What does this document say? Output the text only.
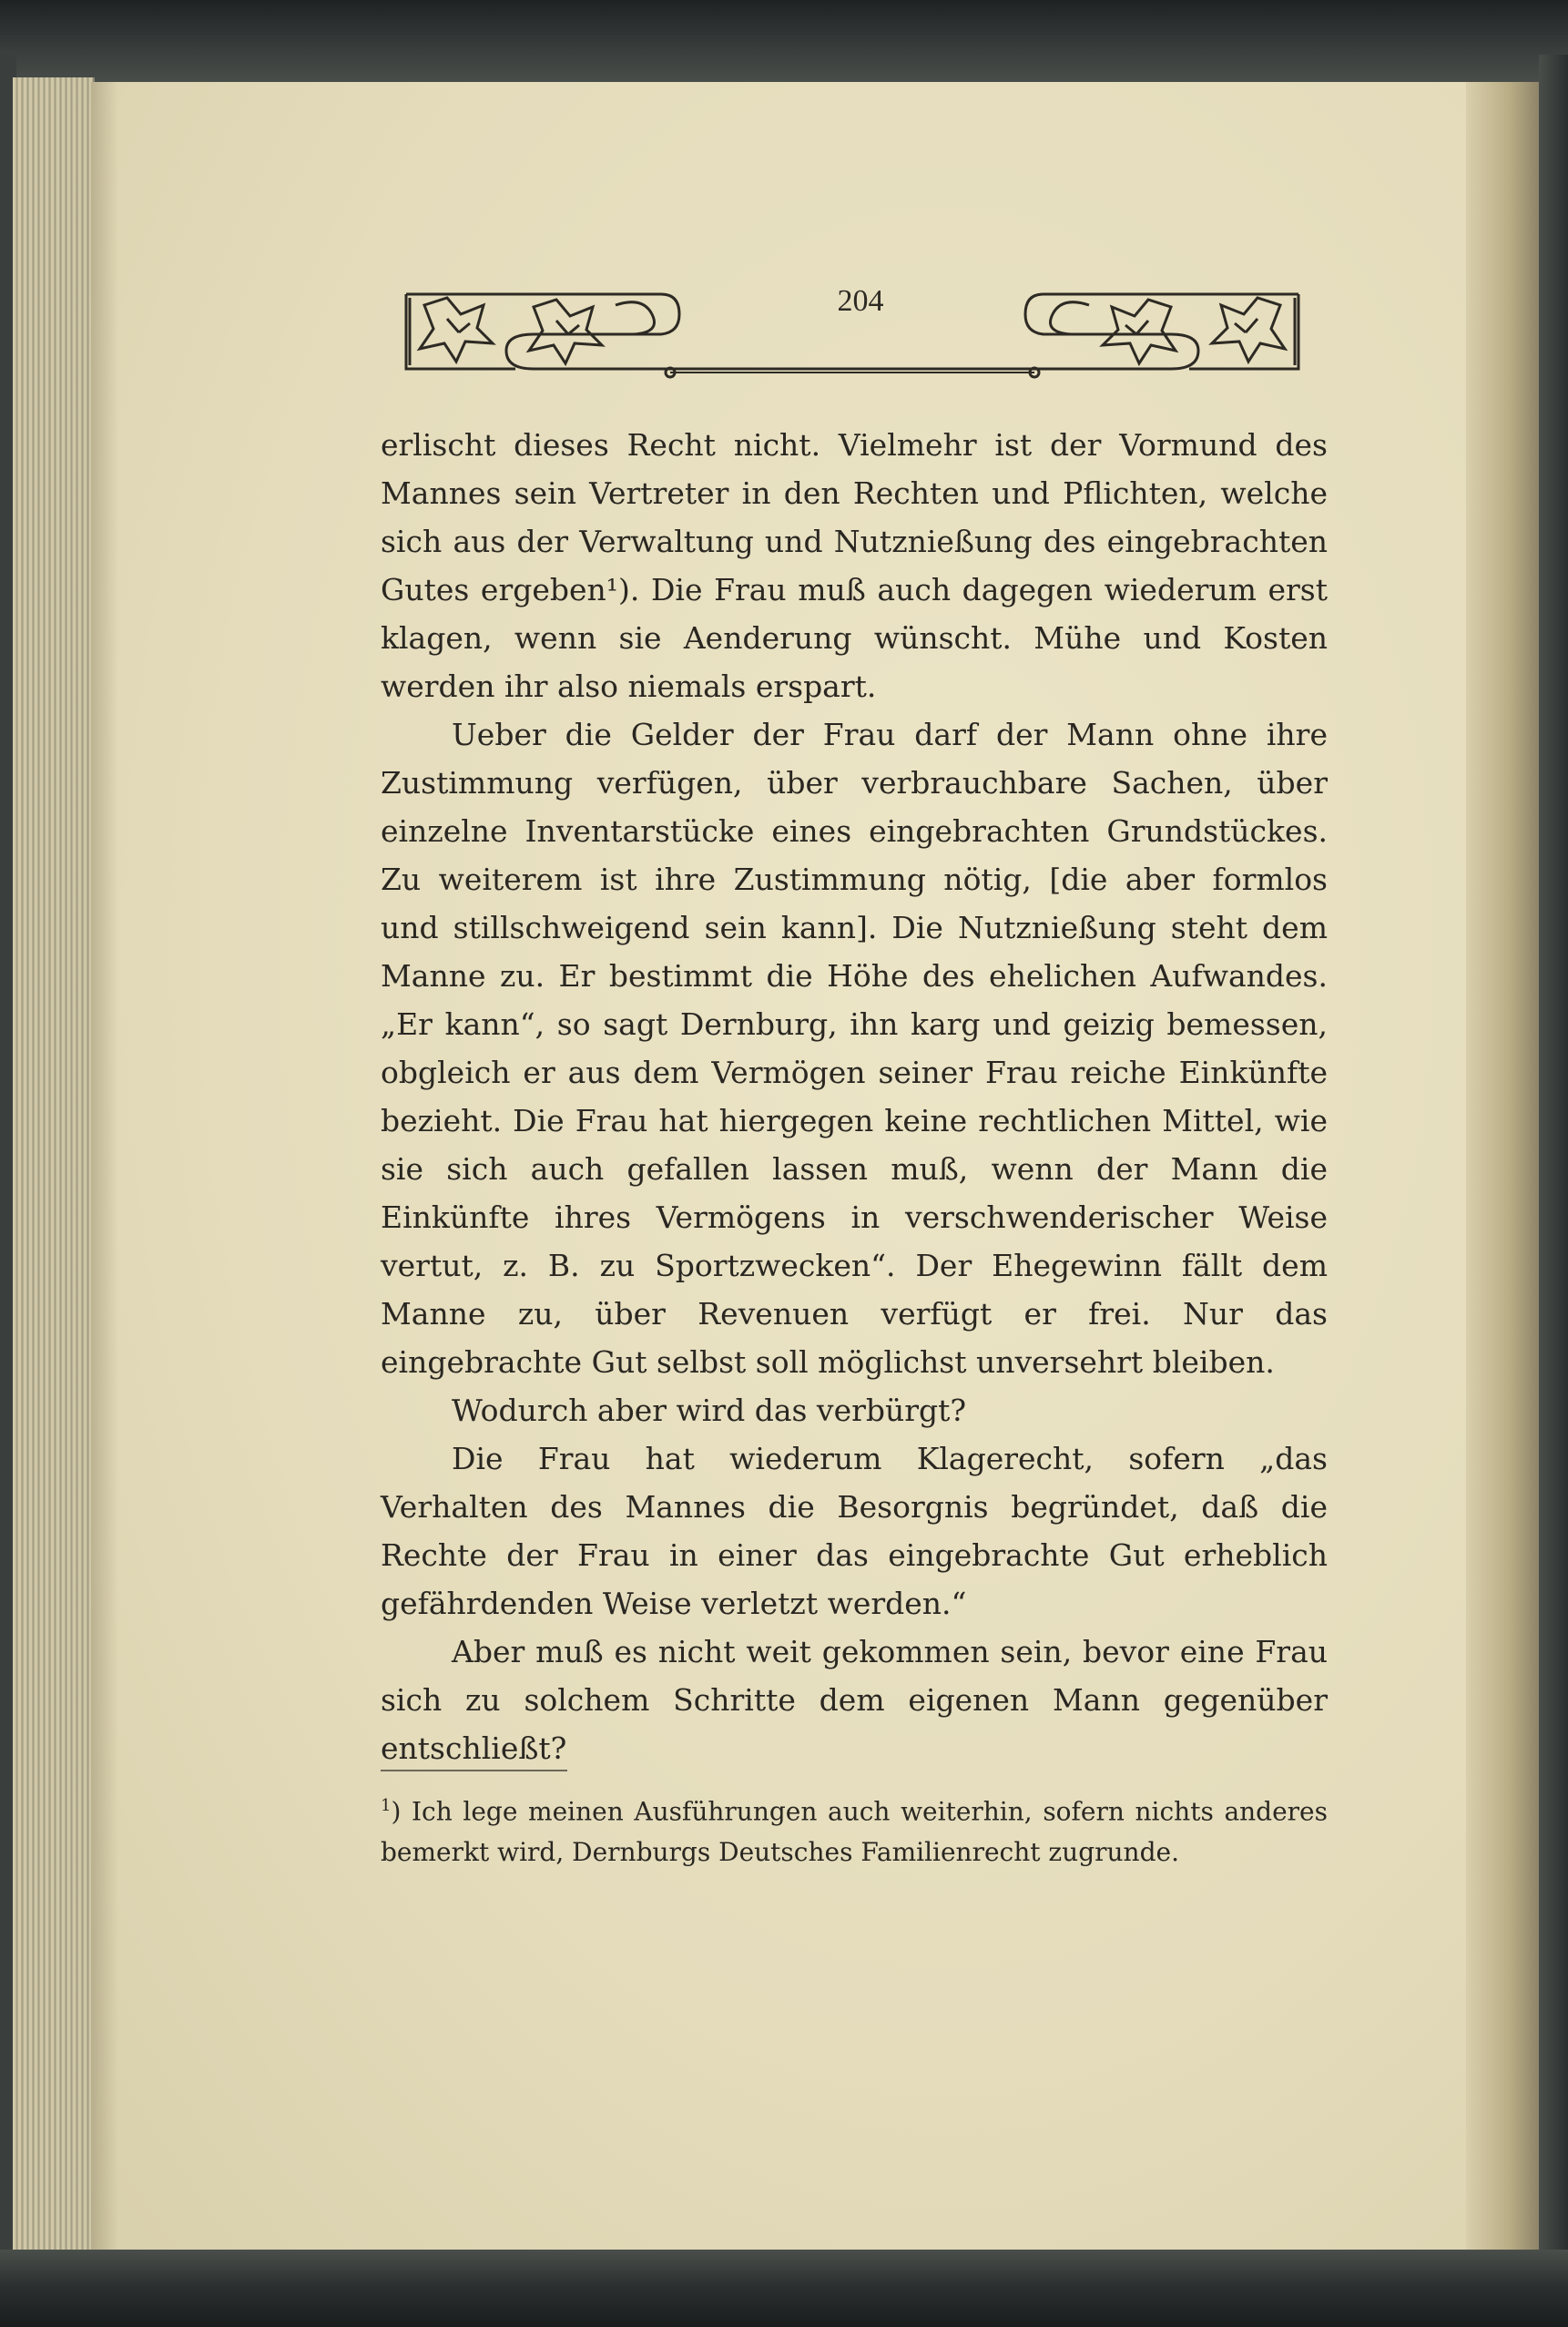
204

erlischt dieses Recht nicht. Vielmehr ist der Vormund des Mannes sein Vertreter in den Rechten und Pflichten, welche sich aus der Verwaltung und Nutznießung des eingebrachten Gutes ergeben¹). Die Frau muß auch dagegen wiederum erst klagen, wenn sie Aenderung wünscht. Mühe und Kosten werden ihr also niemals erspart.

Ueber die Gelder der Frau darf der Mann ohne ihre Zustimmung verfügen, über verbrauchbare Sachen, über einzelne Inventarstücke eines eingebrachten Grundstückes. Zu weiterem ist ihre Zustimmung nötig, [die aber formlos und stillschweigend sein kann]. Die Nutznießung steht dem Manne zu. Er bestimmt die Höhe des ehelichen Aufwandes. „Er kann“, so sagt Dernburg, ihn karg und geizig bemessen, obgleich er aus dem Vermögen seiner Frau reiche Einkünfte bezieht. Die Frau hat hiergegen keine rechtlichen Mittel, wie sie sich auch gefallen lassen muß, wenn der Mann die Einkünfte ihres Vermögens in verschwenderischer Weise vertut, z. B. zu Sportzwecken“. Der Ehegewinn fällt dem Manne zu, über Revenuen verfügt er frei. Nur das eingebrachte Gut selbst soll möglichst unversehrt bleiben.

Wodurch aber wird das verbürgt?

Die Frau hat wiederum Klagerecht, sofern „das Verhalten des Mannes die Besorgnis begründet, daß die Rechte der Frau in einer das eingebrachte Gut erheblich gefährdenden Weise verletzt werden.“

Aber muß es nicht weit gekommen sein, bevor eine Frau sich zu solchem Schritte dem eigenen Mann gegenüber entschließt?

$^1$) Ich lege meinen Ausführungen auch weiterhin, sofern nichts anderes bemerkt wird, Dernburgs Deutsches Familienrecht zugrunde.
